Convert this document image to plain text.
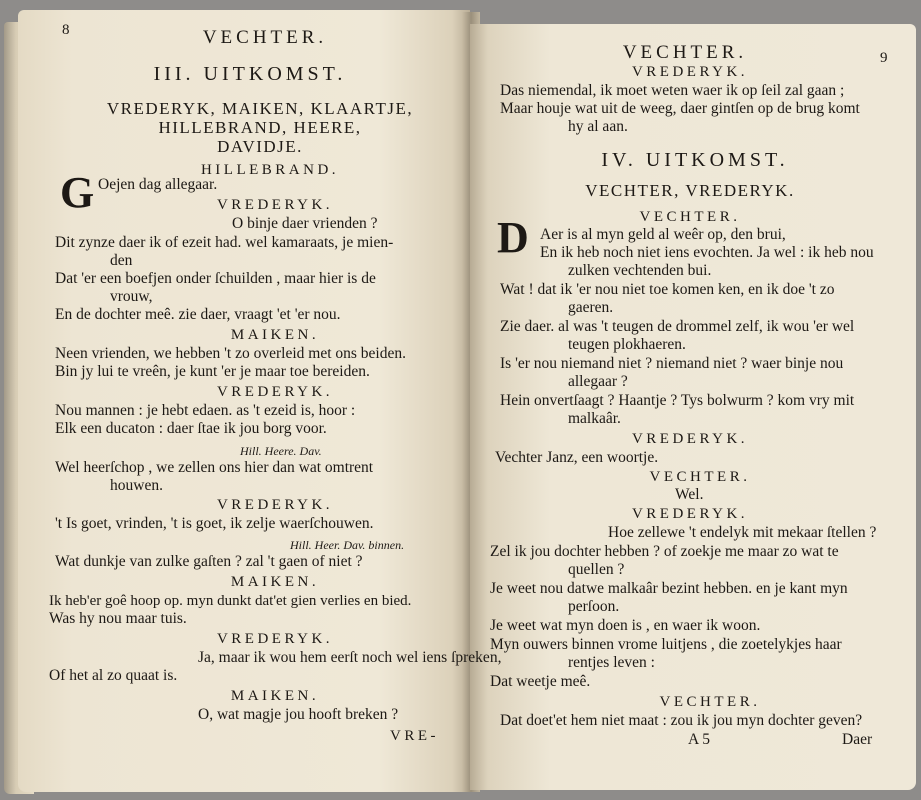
8	VECHTER.
III. UITKOMST.
VREDERYK, MAIKEN, KLAARTJE,
HILLEBRAND, HEERE,
DAVIDJE.
HILLEBRAND.
G Oejen dag allegaar.
VREDERYK.
O binje daer vrienden ?
Dit zynze daer ik of ezeit had. wel kamaraats, je mien-
den
Dat 'er een boefjen onder ſchuilden , maar hier is de
vrouw,
En de dochter meê. zie daer, vraagt 'et 'er nou.
MAIKEN.
Neen vrienden, we hebben 't zo overleid met ons beiden.
Bin jy lui te vreên, je kunt 'er je maar toe bereiden.
VREDERYK.
Nou mannen : je hebt edaen. as 't ezeid is, hoor :
Elk een ducaton : daer ſtae ik jou borg voor.
Hill. Heere. Dav.
Wel heerſchop , we zellen ons hier dan wat omtrent
houwen.
VREDERYK.
't Is goet, vrinden, 't is goet, ik zelje waerſchouwen.
Hill. Heer. Dav. binnen.
Wat dunkje van zulke gaſten ? zal 't gaen of niet ?
MAIKEN.
Ik heb'er goê hoop op. myn dunkt dat'et gien verlies en bied.
Was hy nou maar tuis.
VREDERYK.
Ja, maar ik wou hem eerſt noch wel iens ſpreken,
Of het al zo quaat is.
MAIKEN.
O, wat magje jou hooft breken ?
VRE-
VECHTER.	9
VREDERYK.
Das niemendal, ik moet weten waer ik op ſeil zal gaan ;
Maar houje wat uit de weeg, daer gintſen op de brug komt
hy al aan.
IV. UITKOMST.
VECHTER, VREDERYK.
VECHTER.
D Aer is al myn geld al weêr op, den brui,
En ik heb noch niet iens evochten. Ja wel : ik heb nou
zulken vechtenden bui.
Wat ! dat ik 'er nou niet toe komen ken, en ik doe 't zo
gaeren.
Zie daer. al was 't teugen de drommel zelf, ik wou 'er wel
teugen plokhaeren.
Is 'er nou niemand niet ? niemand niet ? waer binje nou
allegaar ?
Hein onvertſaagt ? Haantje ? Tys bolwurm ? kom vry mit
malkaâr.
VREDERYK.
Vechter Janz, een woortje.
VECHTER.
Wel.
VREDERYK.
Hoe zellewe 't endelyk mit mekaar ſtellen ?
Zel ik jou dochter hebben ? of zoekje me maar zo wat te
quellen ?
Je weet nou datwe malkaâr bezint hebben. en je kant myn
perſoon.
Je weet wat myn doen is , en waer ik woon.
Myn ouwers binnen vrome luitjens , die zoetelykjes haar
rentjes leven :
Dat weetje meê.
VECHTER.
Dat doet'et hem niet maat : zou ik jou myn dochter geven?
A 5	Daer
